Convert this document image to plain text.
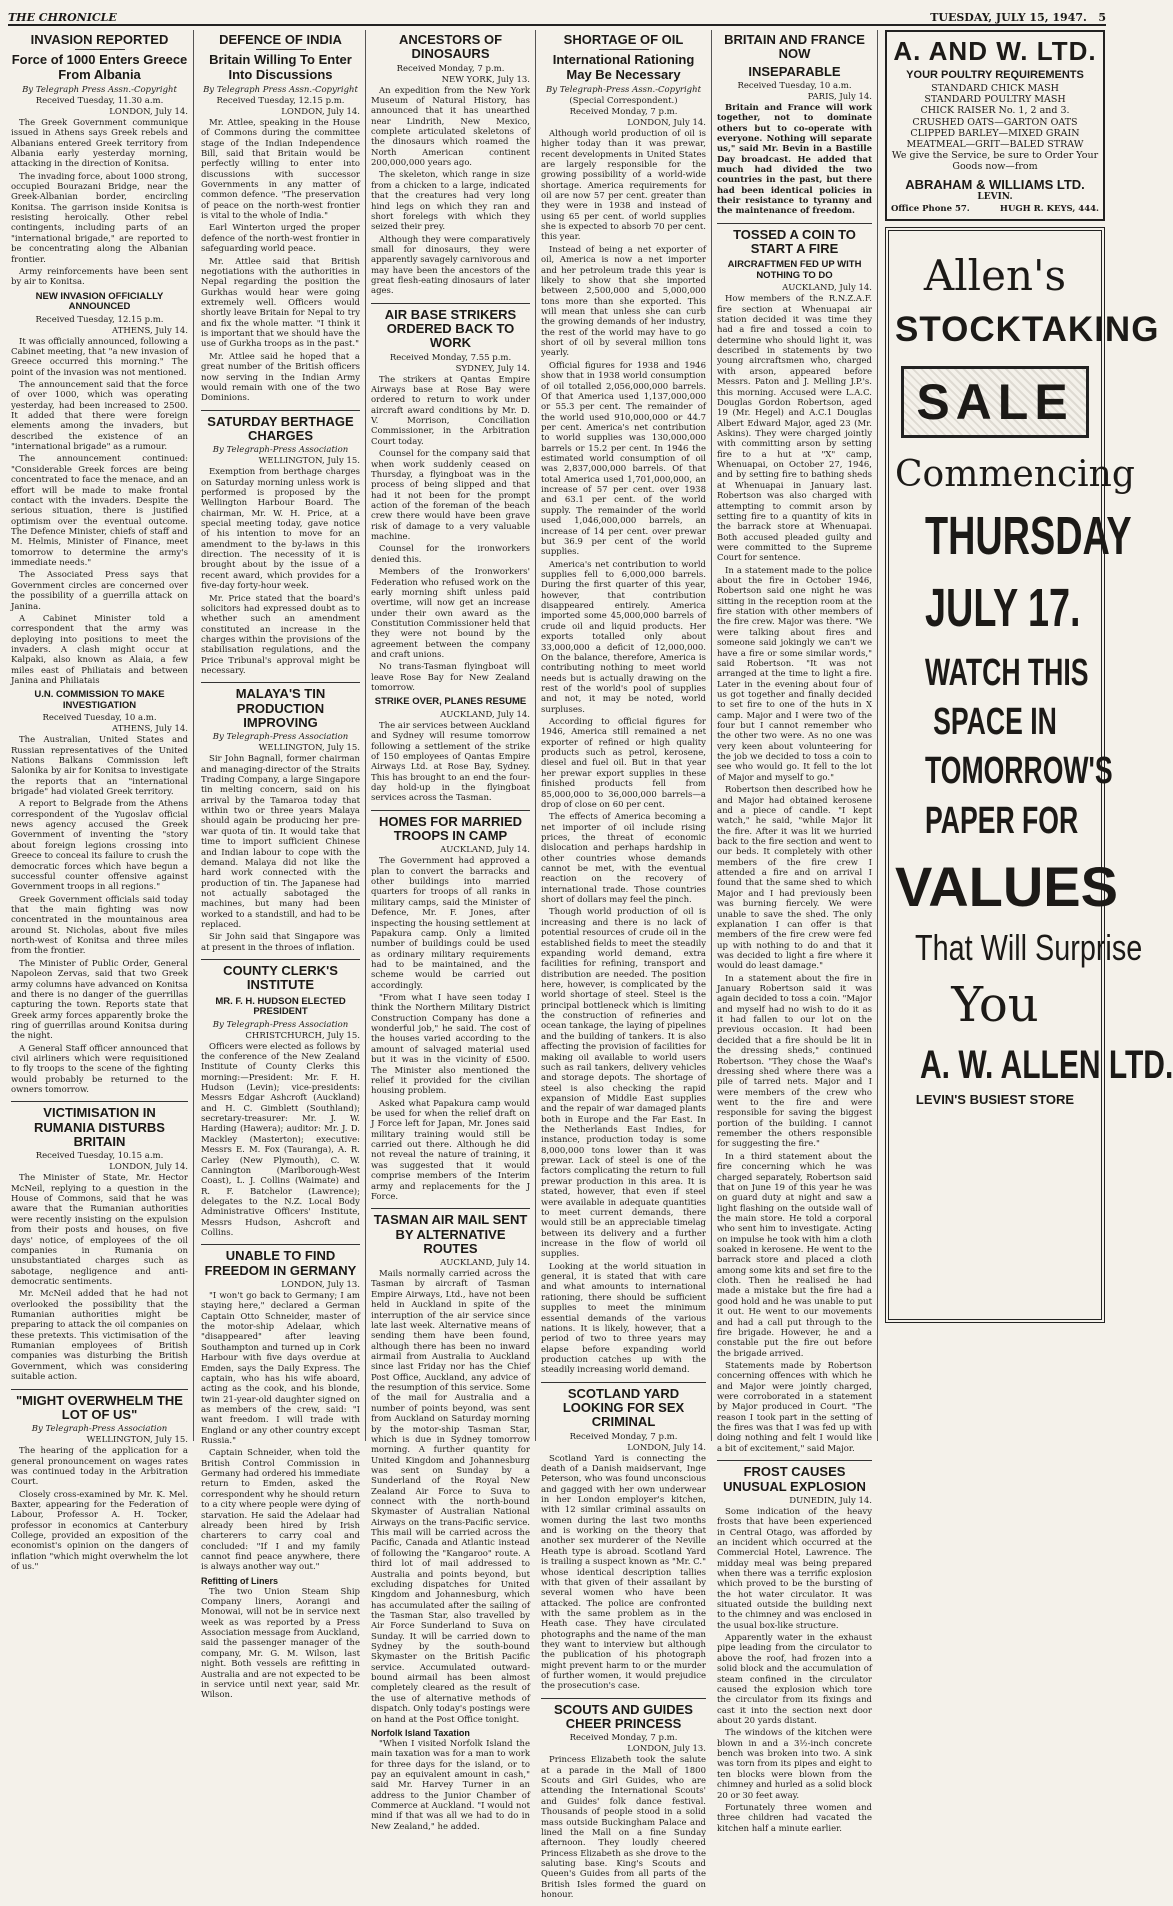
THE CHRONICLE	TUESDAY, JULY 15, 1947. 5
INVASION REPORTED
Force of 1000 Enters Greece From Albania
By Telegraph Press Assn.-Copyright
Received Tuesday, 11.30 a.m.
LONDON, July 14.

The Greek Government communique issued in Athens says Greek rebels and Albanians entered Greek territory from Albania early yesterday morning, attacking in the direction of Konitsa.

The invading force, about 1000 strong, occupied Bourazani Bridge, near the Greek-Albanian border, encircling Konitsa. The garrison inside Konitsa is resisting heroically. Other rebel contingents, including parts of an "international brigade," are reported to be concentrating along the Albanian frontier.

Army reinforcements have been sent by air to Konitsa.

NEW INVASION OFFICIALLY ANNOUNCED
Received Tuesday, 12.15 p.m.
ATHENS, July 14.

It was officially announced, following a Cabinet meeting, that "a new invasion of Greece occurred this morning." The point of the invasion was not mentioned.

The announcement said that the force of over 1000, which was operating yesterday, had been increased to 2500. It added that there were foreign elements among the invaders, but described the existence of an "international brigade" as a rumour.

The announcement continued: "Considerable Greek forces are being concentrated to face the menace, and an effort will be made to make frontal contact with the invaders. Despite the serious situation, there is justified optimism over the eventual outcome. The Defence Minister, chiefs of staff and M. Helmis, Minister of Finance, meet tomorrow to determine the army's immediate needs."

The Associated Press says that Government circles are concerned over the possibility of a guerrilla attack on Janina.

A Cabinet Minister told a correspondent that the army was deploying into positions to meet the invaders. A clash might occur at Kalpaki, also known as Alaia, a few miles east of Philiatais and between Janina and Philiatais

U.N. COMMISSION TO MAKE INVESTIGATION
Received Tuesday, 10 a.m.
ATHENS, July 14.

The Australian, United States and Russian representatives of the United Nations Balkans Commission left Salonika by air for Konitsa to investigate the reports that an "international brigade" had violated Greek territory.

A report to Belgrade from the Athens correspondent of the Yugoslav official news agency accused the Greek Government of inventing the "story about foreign legions crossing into Greece to conceal its failure to crush the democratic forces which have begun a successful counter offensive against Government troops in all regions."

Greek Government officials said today that the main fighting was now concentrated in the mountainous area around St. Nicholas, about five miles north-west of Konitsa and three miles from the frontier.

The Minister of Public Order, General Napoleon Zervas, said that two Greek army columns have advanced on Konitsa and there is no danger of the guerrillas capturing the town. Reports state that Greek army forces apparently broke the ring of guerrillas around Konitsa during the night.

A General Staff officer announced that civil airliners which were requisitioned to fly troops to the scene of the fighting would probably be returned to the owners tomorrow.

VICTIMISATION IN RUMANIA DISTURBS BRITAIN
Received Tuesday, 10.15 a.m.
LONDON, July 14.

The Minister of State, Mr. Hector McNeil, replying to a question in the House of Commons, said that he was aware that the Rumanian authorities were recently insisting on the expulsion from their posts and houses, on five days' notice, of employees of the oil companies in Rumania on unsubstantiated charges such as sabotage, negligence and anti-democratic sentiments.

Mr. McNeil added that he had not overlooked the possibility that the Rumanian authorities might be preparing to attack the oil companies on these pretexts. This victimisation of the Rumanian employees of British companies was disturbing the British Government, which was considering suitable action.

"MIGHT OVERWHELM THE LOT OF US"
By Telegraph-Press Association
WELLINGTON, July 15.

The hearing of the application for a general pronouncement on wages rates was continued today in the Arbitration Court.

Closely cross-examined by Mr. K. Mel. Baxter, appearing for the Federation of Labour, Professor A. H. Tocker, professor in economics at Canterbury College, provided an exposition of the economist's opinion on the dangers of inflation "which might overwhelm the lot of us."

DEFENCE OF INDIA
Britain Willing To Enter Into Discussions
By Telegraph Press Assn.-Copyright
Received Tuesday, 12.15 p.m.
LONDON, July 14.

Mr. Attlee, speaking in the House of Commons during the committee stage of the Indian Independence Bill, said that Britain would be perfectly willing to enter into discussions with successor Governments in any matter of common defence. "The preservation of peace on the north-west frontier is vital to the whole of India."

Earl Winterton urged the proper defence of the north-west frontier in safeguarding world peace.

Mr. Attlee said that British negotiations with the authorities in Nepal regarding the position the Gurkhas would hear were going extremely well. Officers would shortly leave Britain for Nepal to try and fix the whole matter. "I think it is important that we should have the use of Gurkha troops as in the past."

Mr. Attlee said he hoped that a great number of the British officers now serving in the Indian Army would remain with one of the two Dominions.

SATURDAY BERTHAGE CHARGES
By Telegraph-Press Association
WELLINGTON, July 15.

Exemption from berthage charges on Saturday morning unless work is performed is proposed by the Wellington Harbour Board. The chairman, Mr. W. H. Price, at a special meeting today, gave notice of his intention to move for an amendment to the by-laws in this direction. The necessity of it is brought about by the issue of a recent award, which provides for a five-day forty-hour week.

Mr. Price stated that the board's solicitors had expressed doubt as to whether such an amendment constituted an increase in the charges within the provisions of the stabilisation regulations, and the Price Tribunal's approval might be necessary.

MALAYA'S TIN PRODUCTION IMPROVING
By Telegraph-Press Association
WELLINGTON, July 15.

Sir John Bagnall, former chairman and managing-director of the Straits Trading Company, a large Singapore tin melting concern, said on his arrival by the Tamaroa today that within two or three years Malaya should again be producing her pre-war quota of tin. It would take that time to import sufficient Chinese and Indian labour to cope with the demand. Malaya did not like the hard work connected with the production of tin. The Japanese had not actually sabotaged the machines, but many had been worked to a standstill, and had to be replaced.

Sir John said that Singapore was at present in the throes of inflation.

COUNTY CLERK'S INSTITUTE
MR. F. H. HUDSON ELECTED PRESIDENT
By Telegraph-Press Association
CHRISTCHURCH, July 15.

Officers were elected as follows by the conference of the New Zealand Institute of County Clerks this morning:—President: Mr. F. H. Hudson (Levin); vice-presidents: Messrs Edgar Ashcroft (Auckland) and H. C. Gimblett (Southland); secretary-treasurer: Mr. J. W. Harding (Hawera); auditor: Mr. J. D. Mackley (Masterton); executive: Messrs E. M. Fox (Tauranga), A. R. Carley (New Plymouth), C. W. Cannington (Marlborough-West Coast), L. J. Collins (Waimate) and R. F. Batchelor (Lawrence); delegates to the N.Z. Local Body Administrative Officers' Institute, Messrs Hudson, Ashcroft and Collins.

UNABLE TO FIND FREEDOM IN GERMANY
LONDON, July 13.

"I won't go back to Germany; I am staying here," declared a German Captain Otto Schneider, master of the motor-ship Adelaar, which "disappeared" after leaving Southampton and turned up in Cork Harbour with five days overdue at Emden, says the Daily Express. The captain, who has his wife aboard, acting as the cook, and his blonde, twin 21-year-old daughter signed on as members of the crew, said: "I want freedom. I will trade with England or any other country except Russia."

Captain Schneider, when told the British Control Commission in Germany had ordered his immediate return to Emden, asked the correspondent why he should return to a city where people were dying of starvation. He said the Adelaar had already been hired by Irish charterers to carry coal and concluded: "If I and my family cannot find peace anywhere, there is always another way out."

Refitting of Liners

The two Union Steam Ship Company liners, Aorangi and Monowai, will not be in service next week as was reported by a Press Association message from Auckland, said the passenger manager of the company, Mr. G. M. Wilson, last night. Both vessels are refitting in Australia and are not expected to be in service until next year, said Mr. Wilson.

ANCESTORS OF DINOSAURS
Received Monday, 7 p.m.
NEW YORK, July 13.

An expedition from the New York Museum of Natural History, has announced that it has unearthed near Lindrith, New Mexico, complete articulated skeletons of the dinosaurs which roamed the North American continent 200,000,000 years ago.

The skeleton, which range in size from a chicken to a large, indicated that the creatures had very long hind legs on which they ran and short forelegs with which they seized their prey.

Although they were comparatively small for dinosaurs, they were apparently savagely carnivorous and may have been the ancestors of the great flesh-eating dinosaurs of later ages.

AIR BASE STRIKERS ORDERED BACK TO WORK
Received Monday, 7.55 p.m.
SYDNEY, July 14.

The strikers at Qantas Empire Airways base at Rose Bay were ordered to return to work under aircraft award conditions by Mr. D. V. Morrison, Conciliation Commissioner, in the Arbitration Court today.

Counsel for the company said that when work suddenly ceased on Thursday, a flyingboat was in the process of being slipped and that had it not been for the prompt action of the foreman of the beach crew there would have been grave risk of damage to a very valuable machine.

Counsel for the ironworkers denied this.

Members of the Ironworkers' Federation who refused work on the early morning shift unless paid overtime, will now get an increase under their own award as the Constitution Commissioner held that they were not bound by the agreement between the company and craft unions.

No trans-Tasman flyingboat will leave Rose Bay for New Zealand tomorrow.

STRIKE OVER, PLANES RESUME
AUCKLAND, July 14.

The air services between Auckland and Sydney will resume tomorrow following a settlement of the strike of 150 employees of Qantas Empire Airways Ltd. at Rose Bay, Sydney. This has brought to an end the four-day hold-up in the flyingboat services across the Tasman.

HOMES FOR MARRIED TROOPS IN CAMP
AUCKLAND, July 14.

The Government had approved a plan to convert the barracks and other buildings into married quarters for troops of all ranks in military camps, said the Minister of Defence, Mr. F. Jones, after inspecting the housing settlement at Papakura camp. Only a limited number of buildings could be used as ordinary military requirements had to be maintained, and the scheme would be carried out accordingly.

"From what I have seen today I think the Northern Military District Construction Company has done a wonderful job," he said. The cost of the houses varied according to the amount of salvaged material used but it was in the vicinity of £500. The Minister also mentioned the relief it provided for the civilian housing problem.

Asked what Papakura camp would be used for when the relief draft on J Force left for Japan, Mr. Jones said military training would still be carried out there. Although he did not reveal the nature of training, it was suggested that it would comprise members of the Interim army and replacements for the J Force.

TASMAN AIR MAIL SENT BY ALTERNATIVE ROUTES
AUCKLAND, July 14.

Mails normally carried across the Tasman by aircraft of Tasman Empire Airways, Ltd., have not been held in Auckland in spite of the interruption of the air service since late last week. Alternative means of sending them have been found, although there has been no inward airmail from Australia to Auckland since last Friday nor has the Chief Post Office, Auckland, any advice of the resumption of this service. Some of the mail for Australia and a number of points beyond, was sent from Auckland on Saturday morning by the motor-ship Tasman Star, which is due in Sydney tomorrow morning. A further quantity for United Kingdom and Johannesburg was sent on Sunday by a Sunderland of the Royal New Zealand Air Force to Suva to connect with the north-bound Skymaster of Australian National Airways on the trans-Pacific service. This mail will be carried across the Pacific, Canada and Atlantic instead of following the "Kangaroo" route. A third lot of mail addressed to Australia and points beyond, but excluding dispatches for United Kingdom and Johannesburg, which has accumulated after the sailing of the Tasman Star, also travelled by Air Force Sunderland to Suva on Sunday. It will be carried down to Sydney by the south-bound Skymaster on the British Pacific service. Accumulated outward-bound airmail has been almost completely cleared as the result of the use of alternative methods of dispatch. Only today's postings were on hand at the Post Office tonight.

Norfolk Island Taxation

"When I visited Norfolk Island the main taxation was for a man to work for three days for the island, or to pay an equivalent amount in cash," said Mr. Harvey Turner in an address to the Junior Chamber of Commerce at Auckland. "I would not mind if that was all we had to do in New Zealand," he added.

SHORTAGE OF OIL
International Rationing May Be Necessary
By Telegraph-Press Assn.-Copyright
(Special Correspondent.)
Received Monday, 7 p.m.
LONDON, July 14.

Although world production of oil is higher today than it was prewar, recent developments in United States are largely responsible for the growing possibility of a world-wide shortage. America requirements for oil are now 57 per cent. greater than they were in 1938 and instead of using 65 per cent. of world supplies she is expected to absorb 70 per cent. this year.

Instead of being a net exporter of oil, America is now a net importer and her petroleum trade this year is likely to show that she imported between 2,500,000 and 5,000,000 tons more than she exported. This will mean that unless she can curb the growing demands of her industry, the rest of the world may have to go short of oil by several million tons yearly.

Official figures for 1938 and 1946 show that in 1938 world consumption of oil totalled 2,056,000,000 barrels. Of that America used 1,137,000,000 or 55.3 per cent. The remainder of the world used 910,000,000 or 44.7 per cent. America's net contribution to world supplies was 130,000,000 barrels or 15.2 per cent. In 1946 the estimated world consumption of oil was 2,837,000,000 barrels. Of that total America used 1,701,000,000, an increase of 57 per cent. over 1938 and 63.1 per cent. of the world supply. The remainder of the world used 1,046,000,000 barrels, an increase of 14 per cent. over prewar but 36.9 per cent of the world supplies.

America's net contribution to world supplies fell to 6,000,000 barrels. During the first quarter of this year, however, that contribution disappeared entirely. America imported some 45,000,000 barrels of crude oil and liquid products. Her exports totalled only about 33,000,000 a deficit of 12,000,000. On the balance, therefore, America is contributing nothing to meet world needs but is actually drawing on the rest of the world's pool of supplies and not, it may be noted, world surpluses.

According to official figures for 1946, America still remained a net exporter of refined or high quality products such as petrol, kerosene, diesel and fuel oil. But in that year her prewar export supplies in these finished products fell from 85,000,000 to 36,000,000 barrels—a drop of close on 60 per cent.

The effects of America becoming a net importer of oil include rising prices, the threat of economic dislocation and perhaps hardship in other countries whose demands cannot be met, with the eventual reaction on the recovery of international trade. Those countries short of dollars may feel the pinch.

Though world production of oil is increasing and there is no lack of potential resources of crude oil in the established fields to meet the steadily expanding world demand, extra facilities for refining, transport and distribution are needed. The position here, however, is complicated by the world shortage of steel. Steel is the principal bottleneck which is limiting the construction of refineries and ocean tankage, the laying of pipelines and the building of tankers. It is also affecting the provision of facilities for making oil available to world users such as rail tankers, delivery vehicles and storage depots. The shortage of steel is also checking the rapid expansion of Middle East supplies and the repair of war damaged plants both in Europe and the Far East. In the Netherlands East Indies, for instance, production today is some 8,000,000 tons lower than it was prewar. Lack of steel is one of the factors complicating the return to full prewar production in this area. It is stated, however, that even if steel were available in adequate quantities to meet current demands, there would still be an appreciable timelag between its delivery and a further increase in the flow of world oil supplies.

Looking at the world situation in general, it is stated that with care and what amounts to international rationing, there should be sufficient supplies to meet the minimum essential demands of the various nations. It is likely, however, that a period of two to three years may elapse before expanding world production catches up with the steadily increasing world demand.

SCOTLAND YARD LOOKING FOR SEX CRIMINAL
Received Monday, 7 p.m.
LONDON, July 14.

Scotland Yard is connecting the death of a Danish maidservant, Inge Peterson, who was found unconscious and gagged with her own underwear in her London employer's kitchen, with 12 similar criminal assaults on women during the last two months and is working on the theory that another sex murderer of the Neville Heath type is abroad. Scotland Yard is trailing a suspect known as "Mr. C." whose identical description tallies with that given of their assailant by several women who have been attacked. The police are confronted with the same problem as in the Heath case. They have circulated photographs and the name of the man they want to interview but although the publication of his photograph might prevent harm to or the murder of further women, it would prejudice the prosecution's case.

SCOUTS AND GUIDES CHEER PRINCESS
Received Monday, 7 p.m.
LONDON, July 13.

Princess Elizabeth took the salute at a parade in the Mall of 1800 Scouts and Girl Guides, who are attending the International Scouts' and Guides' folk dance festival. Thousands of people stood in a solid mass outside Buckingham Palace and lined the Mall on a fine Sunday afternoon. They loudly cheered Princess Elizabeth as she drove to the saluting base. King's Scouts and Queen's Guides from all parts of the British Isles formed the guard on honour.

BRITAIN AND FRANCE NOW
INSEPARABLE
Received Tuesday, 10 a.m.
PARIS, July 14.

Britain and France will work together, not to dominate others but to co-operate with everyone. Nothing will separate us," said Mr. Bevin in a Bastille Day broadcast. He added that much had divided the two countries in the past, but there had been identical policies in their resistance to tyranny and the maintenance of freedom.

TOSSED A COIN TO START A FIRE
AIRCRAFTMEN FED UP WITH NOTHING TO DO
AUCKLAND, July 14.

How members of the R.N.Z.A.F. fire section at Whenuapai air station decided it was time they had a fire and tossed a coin to determine who should light it, was described in statements by two young aircraftsmen who, charged with arson, appeared before Messrs. Paton and J. Melling J.P.'s. this morning. Accused were L.A.C. Douglas Gordon Robertson, aged 19 (Mr. Hegel) and A.C.1 Douglas Albert Edward Major, aged 23 (Mr. Askins). They were charged jointly with committing arson by setting fire to a hut at "X" camp, Whenuapai, on October 27, 1946, and by setting fire to bathing sheds at Whenuapai in January last. Robertson was also charged with attempting to commit arson by setting fire to a quantity of kits in the barrack store at Whenuapai. Both accused pleaded guilty and were committed to the Supreme Court for sentence.

In a statement made to the police about the fire in October 1946, Robertson said one night he was sitting in the reception room at the fire station with other members of the fire crew. Major was there. "We were talking about fires and someone said jokingly we can't we have a fire or some similar words," said Robertson. "It was not arranged at the time to light a fire. Later in the evening about four of us got together and finally decided to set fire to one of the huts in X camp. Major and I were two of the four but I cannot remember who the other two were. As no one was very keen about volunteering for the job we decided to toss a coin to see who would go. It fell to the lot of Major and myself to go."

Robertson then described how he and Major had obtained kerosene and a piece of candle. "I kept watch," he said, "while Major lit the fire. After it was lit we hurried back to the fire section and went to our beds. It completely with other members of the fire crew I attended a fire and on arrival I found that the same shed to which Major and I had previously been was burning fiercely. We were unable to save the shed. The only explanation I can offer is that members of the fire crew were fed up with nothing to do and that it was decided to light a fire where it would do least damage."

In a statement about the fire in January Robertson said it was again decided to toss a coin. "Major and myself had no wish to do it as it had fallen to our lot on the previous occasion. It had been decided that a fire should be lit in the dressing sheds," continued Robertson. "They chose the Waaf's dressing shed where there was a pile of tarred nets. Major and I were members of the crew who went to the fire and were responsible for saving the biggest portion of the building. I cannot remember the others responsible for suggesting the fire."

In a third statement about the fire concerning which he was charged separately, Robertson said that on June 19 of this year he was on guard duty at night and saw a light flashing on the outside wall of the main store. He told a corporal who sent him to investigate. Acting on impulse he took with him a cloth soaked in kerosene. He went to the barrack store and placed a cloth among some kits and set fire to the cloth. Then he realised he had made a mistake but the fire had a good hold and he was unable to put it out. He went to our movements and had a call put through to the fire brigade. However, he and a constable put the fire out before the brigade arrived.

Statements made by Robertson concerning offences with which he and Major were jointly charged, were corroborated in a statement by Major produced in Court. "The reason I took part in the setting of the fires was that I was fed up with doing nothing and felt I would like a bit of excitement," said Major.

FROST CAUSES UNUSUAL EXPLOSION
DUNEDIN, July 14.

Some indication of the heavy frosts that have been experienced in Central Otago, was afforded by an incident which occurred at the Commercial Hotel, Lawrence. The midday meal was being prepared when there was a terrific explosion which proved to be the bursting of the hot water circulator. It was situated outside the building next to the chimney and was enclosed in the usual box-like structure.

Apparently water in the exhaust pipe leading from the circulator to above the roof, had frozen into a solid block and the accumulation of steam confined in the circulator caused the explosion which tore the circulator from its fixings and cast it into the section next door about 20 yards distant.

The windows of the kitchen were blown in and a 3½-inch concrete bench was broken into two. A sink was torn from its pipes and eight to ten blocks were blown from the chimney and hurled as a solid block 20 or 30 feet away.

Fortunately three women and three children had vacated the kitchen half a minute earlier.

A. AND W. LTD.
YOUR POULTRY REQUIREMENTS
STANDARD CHICK MASH
STANDARD POULTRY MASH
CHICK RAISER No. 1, 2 and 3.
CRUSHED OATS—GARTON OATS
CLIPPED BARLEY—MIXED GRAIN
MEATMEAL—GRIT—BALED STRAW
We give the Service, be sure to Order Your
Goods now—from
ABRAHAM & WILLIAMS LTD.
LEVIN.
Office Phone 57.	HUGH R. KEYS, 444.
Allen's
STOCKTAKING
SALE
Commencing
THURSDAY
JULY 17.
WATCH THIS
SPACE IN
TOMORROW'S
PAPER FOR
VALUES
That Will Surprise
You
A. W. ALLEN LTD.
LEVIN'S BUSIEST STORE
